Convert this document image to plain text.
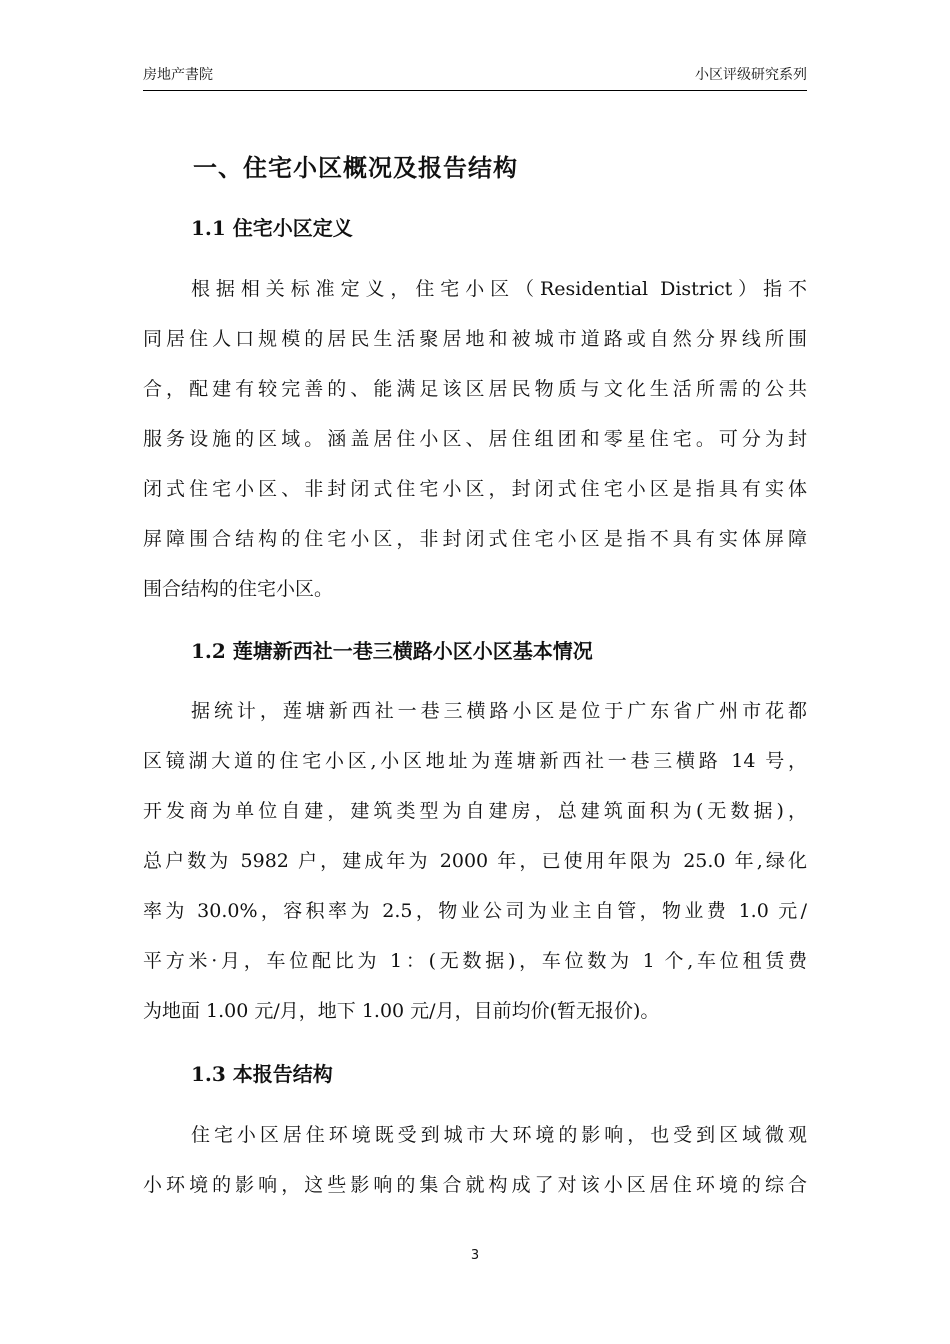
房地产書院	小区评级研究系列
一、住宅小区概况及报告结构
1.1 住宅小区定义
根据相关标准定义，住宅小区（Residential District）指不
同居住人口规模的居民生活聚居地和被城市道路或自然分界线所围
合，配建有较完善的、能满足该区居民物质与文化生活所需的公共
服务设施的区域。涵盖居住小区、居住组团和零星住宅。可分为封
闭式住宅小区、非封闭式住宅小区，封闭式住宅小区是指具有实体
屏障围合结构的住宅小区，非封闭式住宅小区是指不具有实体屏障
围合结构的住宅小区。
1.2 莲塘新西社一巷三横路小区小区基本情况
据统计，莲塘新西社一巷三横路小区是位于广东省广州市花都
区镜湖大道的住宅小区,小区地址为莲塘新西社一巷三横路 14 号，
开发商为单位自建，建筑类型为自建房，总建筑面积为(无数据)，
总户数为 5982 户，建成年为 2000 年，已使用年限为 25.0 年,绿化
率为 30.0%，容积率为 2.5，物业公司为业主自管，物业费 1.0 元/
平方米·月，车位配比为 1：(无数据)，车位数为 1 个,车位租赁费
为地面 1.00 元/月，地下 1.00 元/月，目前均价(暂无报价)。
1.3 本报告结构
住宅小区居住环境既受到城市大环境的影响，也受到区域微观
小环境的影响，这些影响的集合就构成了对该小区居住环境的综合
3
